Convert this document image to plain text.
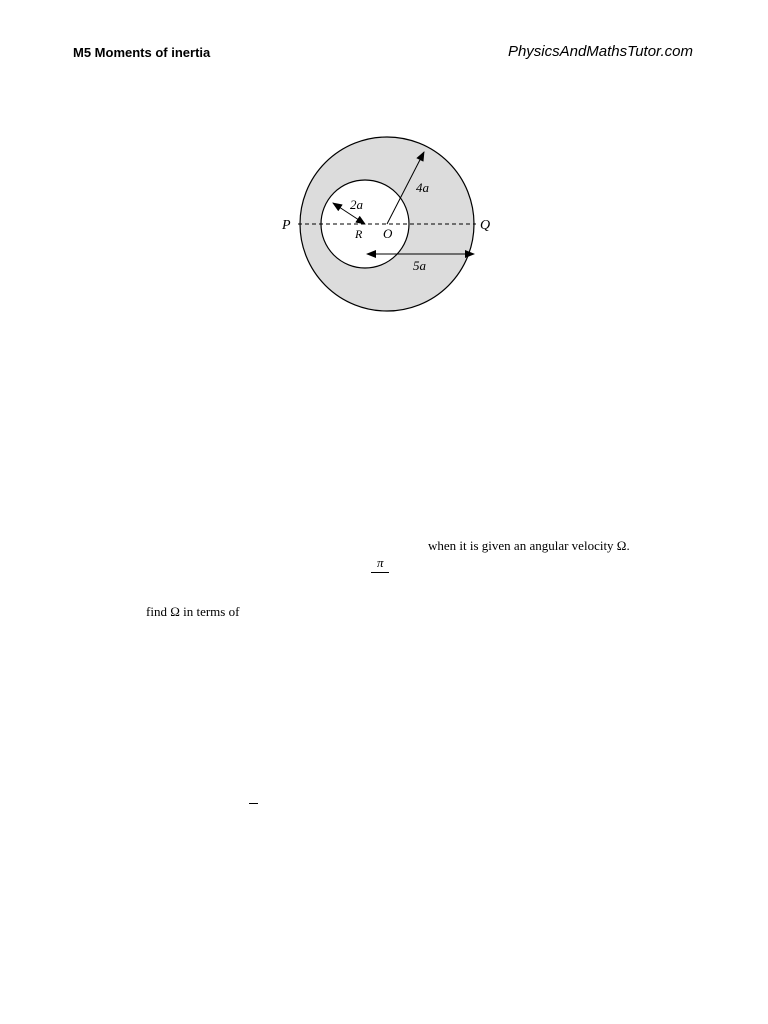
M5 Moments of inertia	PhysicsAndMathsTutor.com
P	Q
R O
2a
4a
5a
when it is given an angular velocity Ω.
π
find Ω in terms of
